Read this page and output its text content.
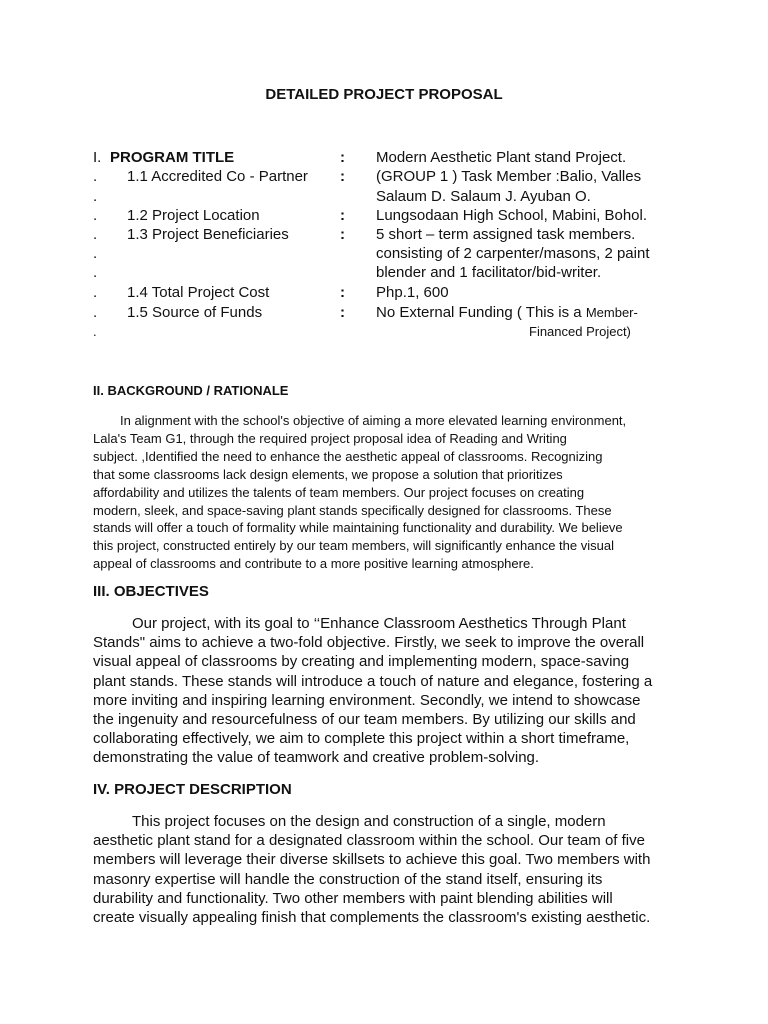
DETAILED PROJECT PROPOSAL
I. PROGRAM TITLE	: Modern Aesthetic Plant stand Project.
. 1.1 Accredited Co - Partner : (GROUP 1 ) Task Member :Balio, Valles
.	Salaum D. Salaum J. Ayuban O.
. 1.2 Project Location	: Lungsodaan High School, Mabini, Bohol.
. 1.3 Project Beneficiaries	: 5 short – term assigned task members.
.	consisting of 2 carpenter/masons, 2 paint
.	blender and 1 facilitator/bid-writer.
. 1.4 Total Project Cost	: Php.1, 600
. 1.5 Source of Funds	: No External Funding ( This is a Member-
.	Financed Project)
II. BACKGROUND / RATIONALE
In alignment with the school's objective of aiming a more elevated learning environment,
Lala's Team G1, through the required project proposal idea of Reading and Writing
subject. ,Identified the need to enhance the aesthetic appeal of classrooms. Recognizing
that some classrooms lack design elements, we propose a solution that prioritizes
affordability and utilizes the talents of team members. Our project focuses on creating
modern, sleek, and space-saving plant stands specifically designed for classrooms. These
stands will offer a touch of formality while maintaining functionality and durability. We believe
this project, constructed entirely by our team members, will significantly enhance the visual
appeal of classrooms and contribute to a more positive learning atmosphere.
III. OBJECTIVES
Our project, with its goal to ‘‘Enhance Classroom Aesthetics Through Plant
Stands" aims to achieve a two-fold objective. Firstly, we seek to improve the overall
visual appeal of classrooms by creating and implementing modern, space-saving
plant stands. These stands will introduce a touch of nature and elegance, fostering a
more inviting and inspiring learning environment. Secondly, we intend to showcase
the ingenuity and resourcefulness of our team members. By utilizing our skills and
collaborating effectively, we aim to complete this project within a short timeframe,
demonstrating the value of teamwork and creative problem-solving.
IV. PROJECT DESCRIPTION
This project focuses on the design and construction of a single, modern
aesthetic plant stand for a designated classroom within the school. Our team of five
members will leverage their diverse skillsets to achieve this goal. Two members with
masonry expertise will handle the construction of the stand itself, ensuring its
durability and functionality. Two other members with paint blending abilities will
create visually appealing finish that complements the classroom's existing aesthetic.
